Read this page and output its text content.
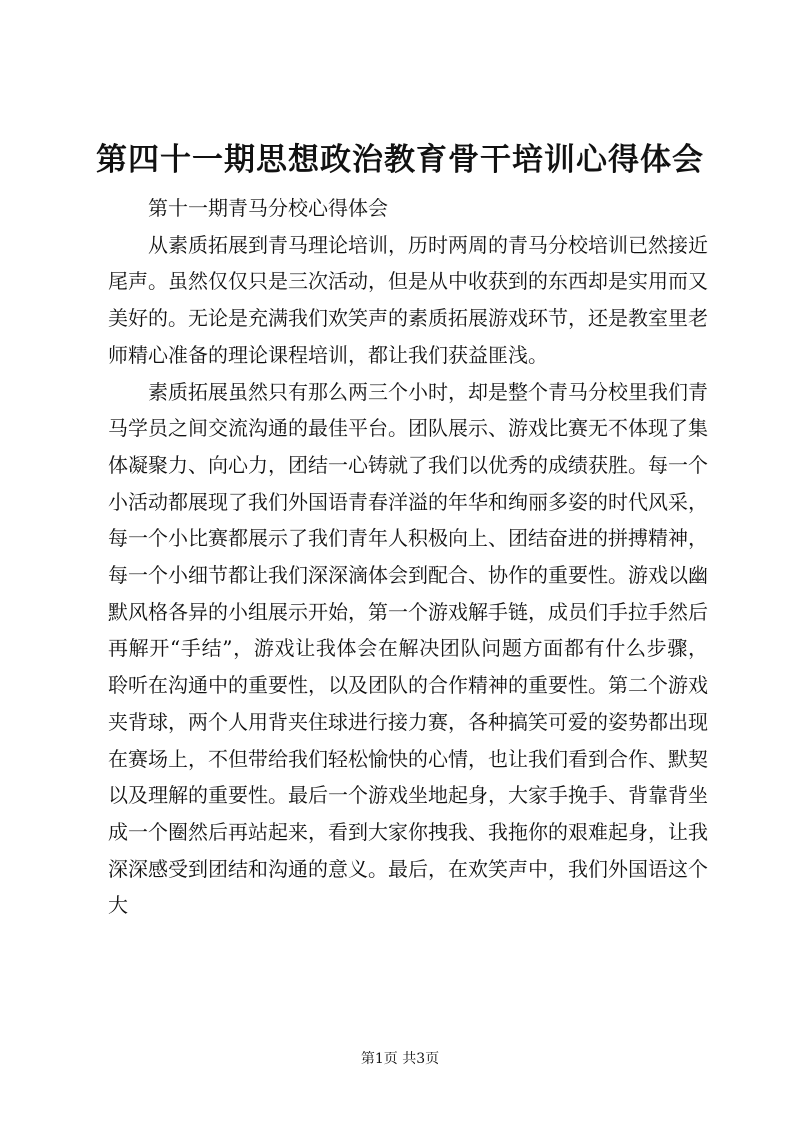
第四十一期思想政治教育骨干培训心得体会

第十一期青马分校心得体会

从素质拓展到青马理论培训，历时两周的青马分校培训已然接近尾声。虽然仅仅只是三次活动，但是从中收获到的东西却是实用而又美好的。无论是充满我们欢笑声的素质拓展游戏环节，还是教室里老师精心准备的理论课程培训，都让我们获益匪浅。

素质拓展虽然只有那么两三个小时，却是整个青马分校里我们青马学员之间交流沟通的最佳平台。团队展示、游戏比赛无不体现了集体凝聚力、向心力，团结一心铸就了我们以优秀的成绩获胜。每一个小活动都展现了我们外国语青春洋溢的年华和绚丽多姿的时代风采，每一个小比赛都展示了我们青年人积极向上、团结奋进的拼搏精神，每一个小细节都让我们深深滴体会到配合、协作的重要性。游戏以幽默风格各异的小组展示开始，第一个游戏解手链，成员们手拉手然后再解开“手结”，游戏让我体会在解决团队问题方面都有什么步骤，聆听在沟通中的重要性，以及团队的合作精神的重要性。第二个游戏夹背球，两个人用背夹住球进行接力赛，各种搞笑可爱的姿势都出现在赛场上，不但带给我们轻松愉快的心情，也让我们看到合作、默契以及理解的重要性。最后一个游戏坐地起身，大家手挽手、背靠背坐成一个圈然后再站起来，看到大家你拽我、我拖你的艰难起身，让我深深感受到团结和沟通的意义。最后，在欢笑声中，我们外国语这个大

第1页 共3页
